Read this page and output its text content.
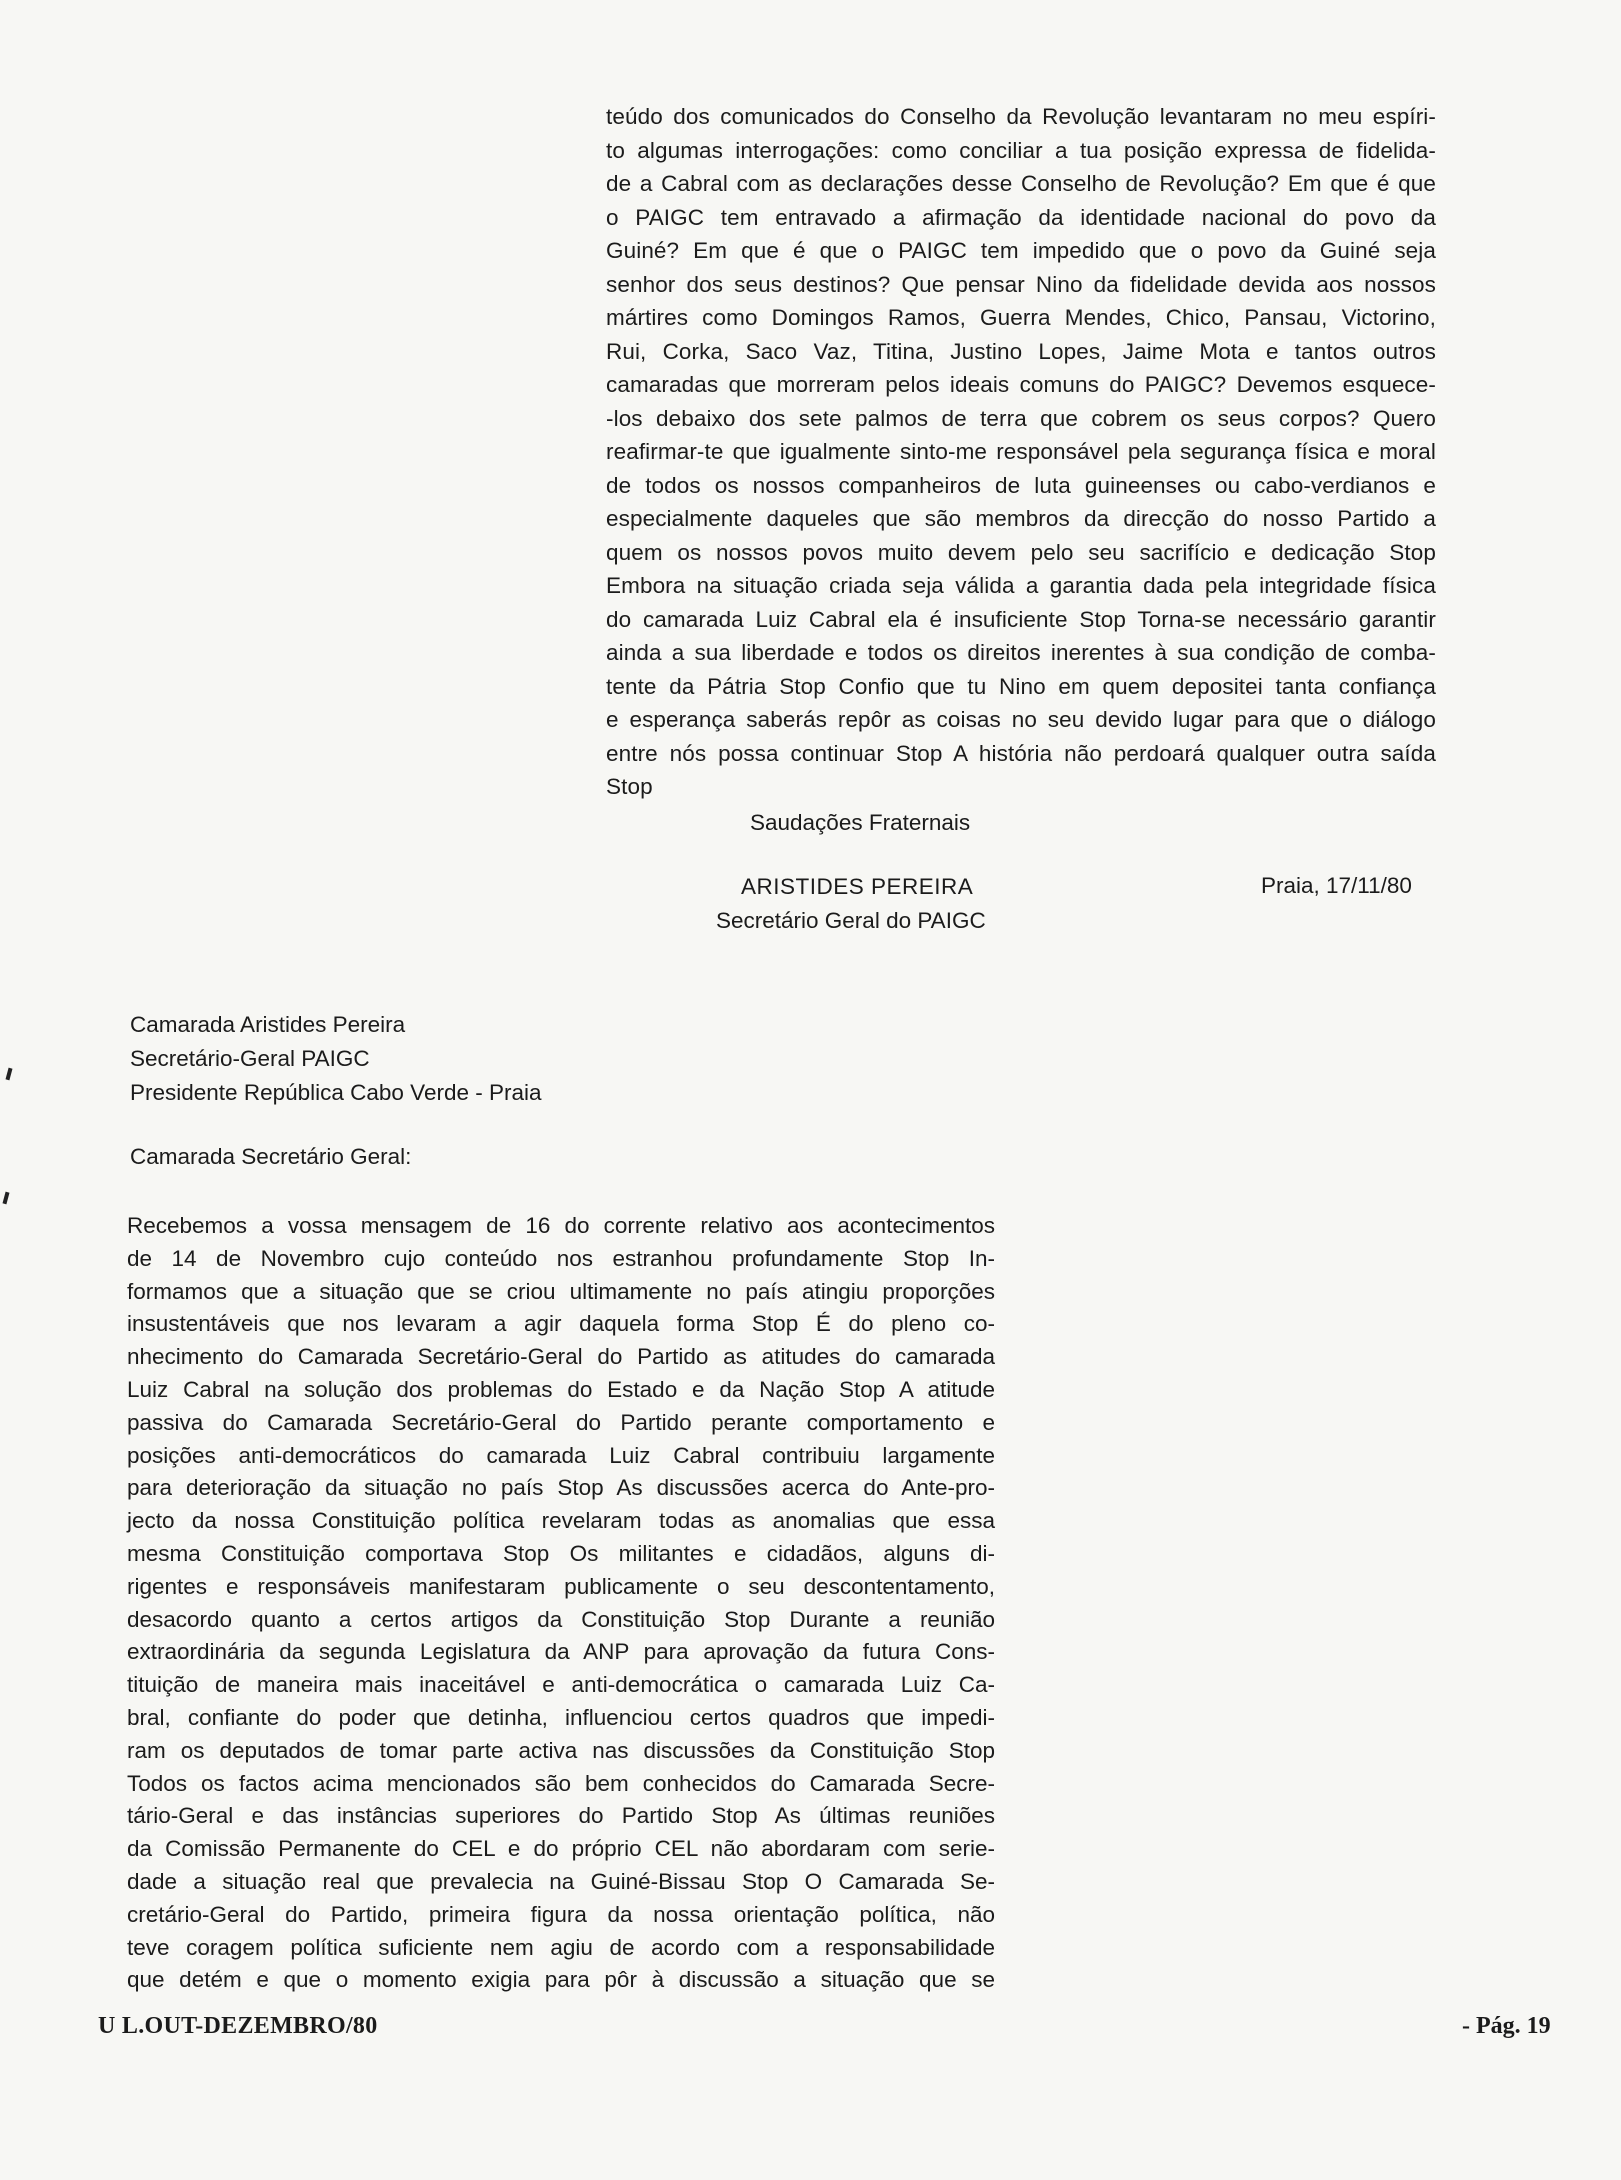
teúdo dos comunicados do Conselho da Revolução levantaram no meu espíri-
to algumas interrogações: como conciliar a tua posição expressa de fidelida-
de a Cabral com as declarações desse Conselho de Revolução? Em que é que
o PAIGC tem entravado a afirmação da identidade nacional do povo da
Guiné? Em que é que o PAIGC tem impedido que o povo da Guiné seja
senhor dos seus destinos? Que pensar Nino da fidelidade devida aos nossos
mártires como Domingos Ramos, Guerra Mendes, Chico, Pansau, Victorino,
Rui, Corka, Saco Vaz, Titina, Justino Lopes, Jaime Mota e tantos outros
camaradas que morreram pelos ideais comuns do PAIGC? Devemos esquece-
-los debaixo dos sete palmos de terra que cobrem os seus corpos? Quero
reafirmar-te que igualmente sinto-me responsável pela segurança física e moral
de todos os nossos companheiros de luta guineenses ou cabo-verdianos e
especialmente daqueles que são membros da direcção do nosso Partido a
quem os nossos povos muito devem pelo seu sacrifício e dedicação Stop
Embora na situação criada seja válida a garantia dada pela integridade física
do camarada Luiz Cabral ela é insuficiente Stop Torna-se necessário garantir
ainda a sua liberdade e todos os direitos inerentes à sua condição de comba-
tente da Pátria Stop Confio que tu Nino em quem depositei tanta confiança
e esperança saberás repôr as coisas no seu devido lugar para que o diálogo
entre nós possa continuar Stop A história não perdoará qualquer outra saída
Stop
Saudações Fraternais
ARISTIDES PEREIRA
Secretário Geral do PAIGC
Praia, 17/11/80
Camarada Aristides Pereira
Secretário-Geral PAIGC
Presidente República Cabo Verde - Praia
Camarada Secretário Geral:
Recebemos a vossa mensagem de 16 do corrente relativo aos acontecimentos
de 14 de Novembro cujo conteúdo nos estranhou profundamente Stop In-
formamos que a situação que se criou ultimamente no país atingiu proporções
insustentáveis que nos levaram a agir daquela forma Stop É do pleno co-
nhecimento do Camarada Secretário-Geral do Partido as atitudes do camarada
Luiz Cabral na solução dos problemas do Estado e da Nação Stop A atitude
passiva do Camarada Secretário-Geral do Partido perante comportamento e
posições anti-democráticos do camarada Luiz Cabral contribuiu largamente
para deterioração da situação no país Stop As discussões acerca do Ante-pro-
jecto da nossa Constituição política revelaram todas as anomalias que essa
mesma Constituição comportava Stop Os militantes e cidadãos, alguns di-
rigentes e responsáveis manifestaram publicamente o seu descontentamento,
desacordo quanto a certos artigos da Constituição Stop Durante a reunião
extraordinária da segunda Legislatura da ANP para aprovação da futura Cons-
tituição de maneira mais inaceitável e anti-democrática o camarada Luiz Ca-
bral, confiante do poder que detinha, influenciou certos quadros que impedi-
ram os deputados de tomar parte activa nas discussões da Constituição Stop
Todos os factos acima mencionados são bem conhecidos do Camarada Secre-
tário-Geral e das instâncias superiores do Partido Stop As últimas reuniões
da Comissão Permanente do CEL e do próprio CEL não abordaram com serie-
dade a situação real que prevalecia na Guiné-Bissau Stop O Camarada Se-
cretário-Geral do Partido, primeira figura da nossa orientação política, não
teve coragem política suficiente nem agiu de acordo com a responsabilidade
que detém e que o momento exigia para pôr à discussão a situação que se
U L.OUT-DEZEMBRO/80	- Pág. 19
